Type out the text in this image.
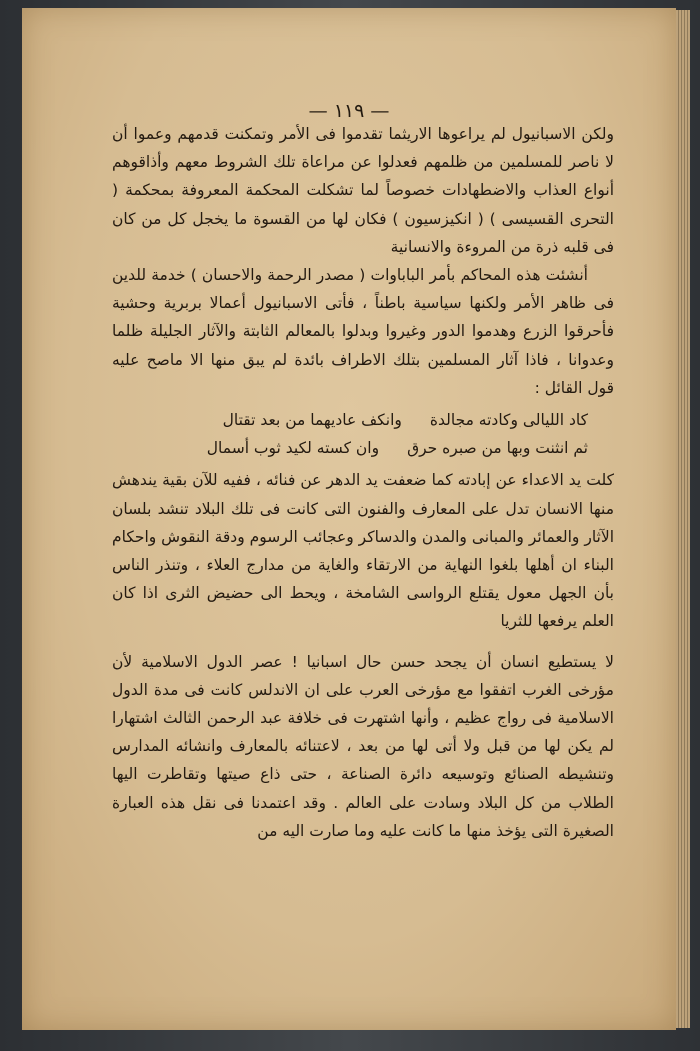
— ١١٩ —

ولكن الاسبانيول لم يراعوها الاريثما تقدموا فى الأمر وتمكنت قدمهم وعموا أن لا ناصر للمسلمين من ظلمهم فعدلوا عن مراعاة تلك الشروط معهم وأذاقوهم أنواع العذاب والاضطهادات خصوصاً لما تشكلت المحكمة المعروفة بمحكمة ( التحرى القسيسى ) ( انكيزسيون ) فكان لها من القسوة ما يخجل كل من كان فى قلبه ذرة من المروءة والانسانية

أنشئت هذه المحاكم بأمر الباباوات ( مصدر الرحمة والاحسان ) خدمة للدين فى ظاهر الأمر ولكنها سياسية باطناً ، فأتى الاسبانيول أعمالا بربرية وحشية فأحرقوا الزرع وهدموا الدور وغيروا وبدلوا بالمعالم الثابتة والآثار الجليلة ظلما وعدوانا ، فاذا آثار المسلمين بتلك الاطراف بائدة لم يبق منها الا ماصح عليه قول القائل :

كاد الليالى وكادته مجالدة
وانكف عاديهما من بعد تقتال
ثم انثنت وبها من صبره حرق
وان كسته لكيد ثوب أسمال

كلت يد الاعداء عن إبادته كما ضعفت يد الدهر عن فنائه ، ففيه للآن بقية يندهش منها الانسان تدل على المعارف والفنون التى كانت فى تلك البلاد تنشد بلسان الآثار والعمائر والمبانى والمدن والدساكر وعجائب الرسوم ودقة النقوش واحكام البناء ان أهلها بلغوا النهاية من الارتقاء والغاية من مدارج العلاء ، وتنذر الناس بأن الجهل معول يقتلع الرواسى الشامخة ، ويحط الى حضيض الثرى اذا كان العلم يرفعها للثريا

لا يستطيع انسان أن يجحد حسن حال اسبانيا ! عصر الدول الاسلامية لأن مؤرخى الغرب اتفقوا مع مؤرخى العرب على ان الاندلس كانت فى مدة الدول الاسلامية فى رواج عظيم ، وأنها اشتهرت فى خلافة عبد الرحمن الثالث اشتهارا لم يكن لها من قبل ولا أتى لها من بعد ، لاعتنائه بالمعارف وانشائه المدارس وتنشيطه الصنائع وتوسيعه دائرة الصناعة ، حتى ذاع صيتها وتقاطرت اليها الطلاب من كل البلاد وسادت على العالم . وقد اعتمدنا فى نقل هذه العبارة الصغيرة التى يؤخذ منها ما كانت عليه وما صارت اليه من
